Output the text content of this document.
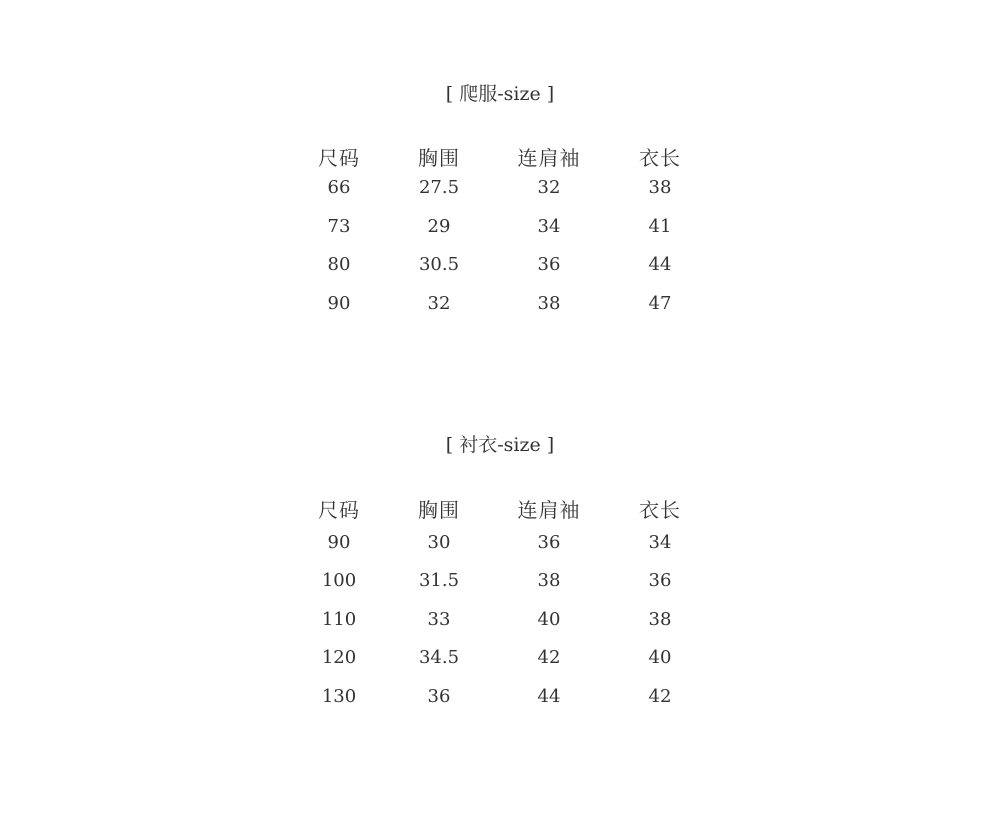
[ 爬服-size ]
尺码	胸围	连肩袖	衣长
66	27.5	32	38
73	29	34	41
80	30.5	36	44
90	32	38	47
[ 衬衣-size ]
尺码	胸围	连肩袖	衣长
90	30	36	34
100	31.5	38	36
110	33	40	38
120	34.5	42	40
130	36	44	42
